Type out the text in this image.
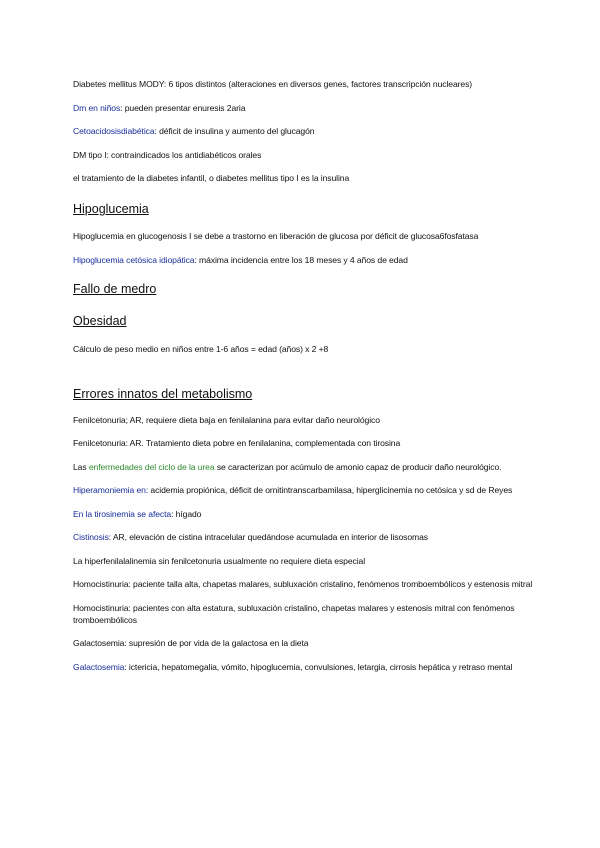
Diabetes mellitus MODY: 6 tipos distintos (alteraciones en diversos genes, factores transcripción nucleares)

Dm en niños: pueden presentar enuresis 2aria

Cetoacidosisdiabética: déficit de insulina y aumento del glucagón

DM tipo I: contraindicados los antidiabéticos orales

el tratamiento de la diabetes infantil, o diabetes mellitus tipo I es la insulina

Hipoglucemia

Hipoglucemia en glucogenosis I se debe a trastorno en liberación de glucosa por déficit de glucosa6fosfatasa

Hipoglucemia cetósica idiopática: máxima incidencia entre los 18 meses y 4 años de edad

Fallo de medro
Obesidad

Cálculo de peso medio en niños entre 1-6 años = edad (años) x 2 +8

Errores innatos del metabolismo

Fenilcetonuria; AR, requiere dieta baja en fenilalanina para evitar daño neurológico

Fenilcetonuria: AR. Tratamiento dieta pobre en fenilalanina, complementada con tirosina

Las enfermedades del ciclo de la urea se caracterizan por acúmulo de amonio capaz de producir daño neurológico.

Hiperamoniemia en: acidemia propiónica, déficit de ornitintranscarbamilasa, hiperglicinemia no cetósica y sd de Reyes

En la tirosinemia se afecta: hígado

Cistinosis: AR, elevación de cistina intracelular quedándose acumulada en interior de lisosomas

La hiperfenilalalinemia sin fenilcetonuria usualmente no requiere dieta especial

Homocistinuria: paciente talla alta, chapetas malares, subluxación cristalino, fenómenos tromboembólicos y estenosis mitral

Homocistinuria: pacientes con alta estatura, subluxación cristalino, chapetas malares y estenosis mitral con fenómenos tromboembólicos

Galactosemia: supresión de por vida de la galactosa en la dieta

Galactosemia: ictericia, hepatomegalia, vómito, hipoglucemia, convulsiones, letargia, cirrosis hepática y retraso mental
